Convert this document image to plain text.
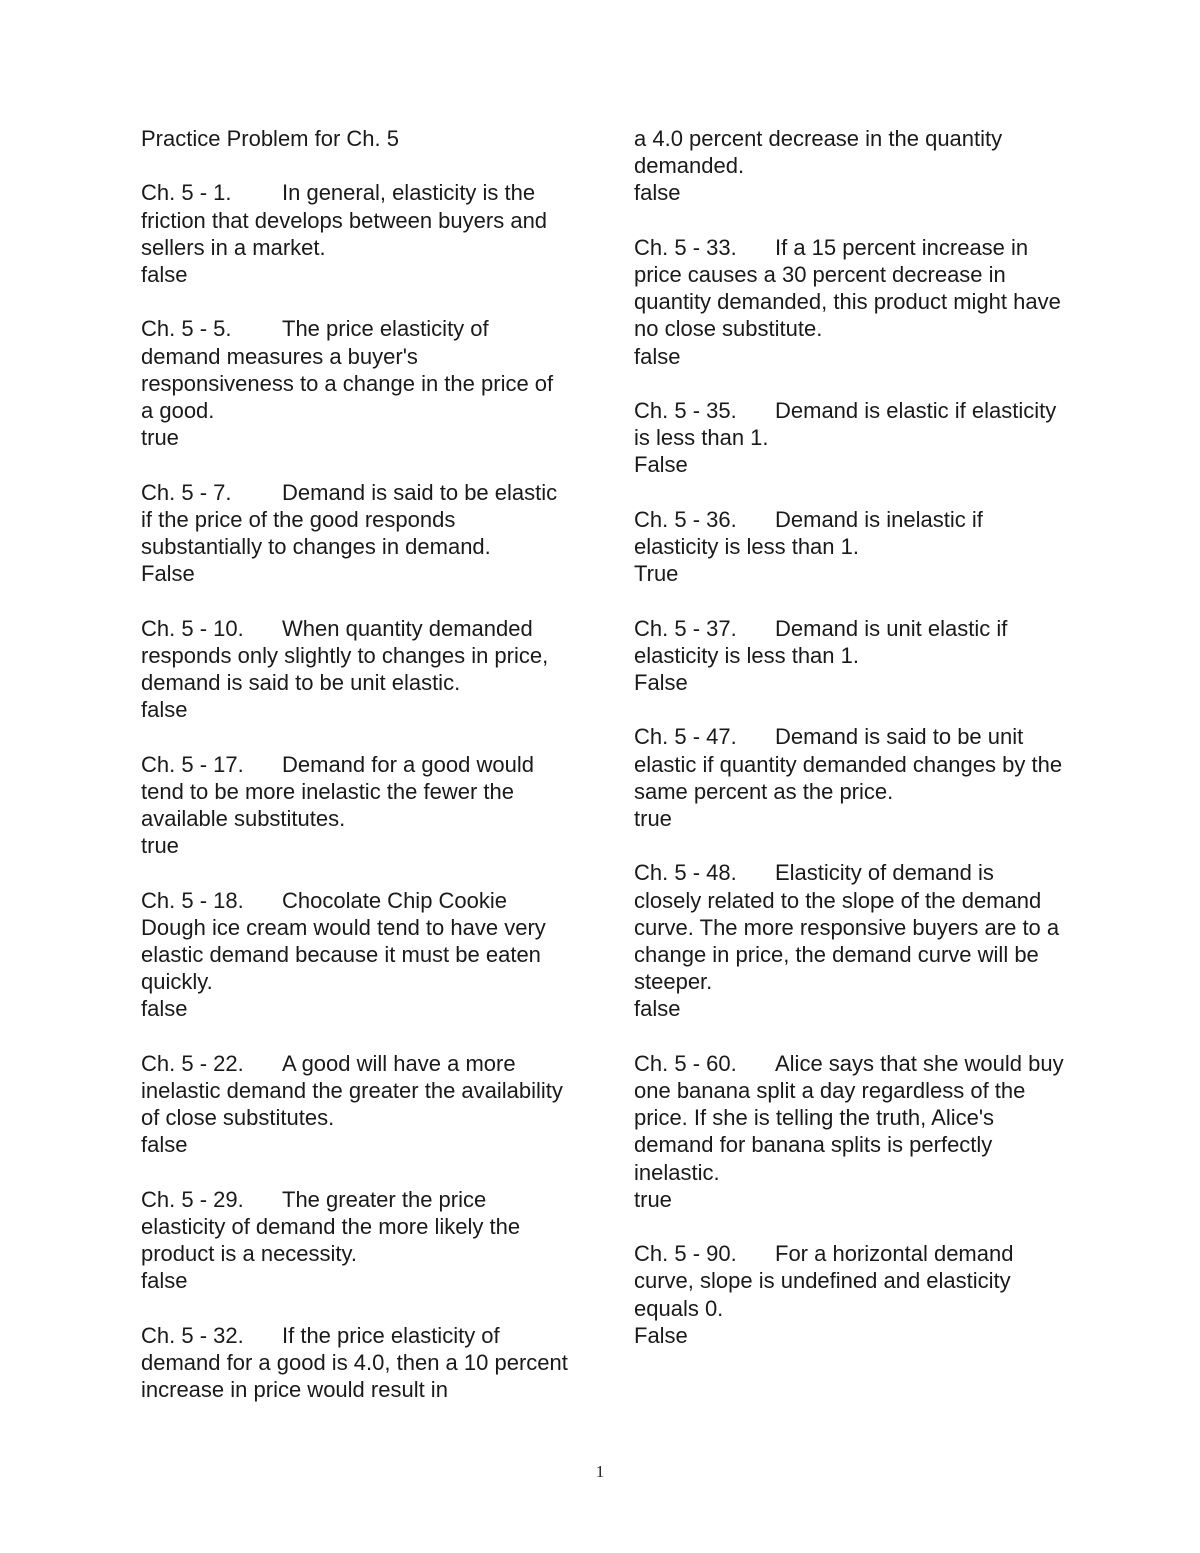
Practice Problem for Ch. 5
Ch. 5 - 1. In general, elasticity is the friction that develops between buyers and sellers in a market.
false
Ch. 5 - 5. The price elasticity of demand measures a buyer's responsiveness to a change in the price of a good.
true
Ch. 5 - 7. Demand is said to be elastic if the price of the good responds substantially to changes in demand.
False
Ch. 5 - 10. When quantity demanded responds only slightly to changes in price, demand is said to be unit elastic.
false
Ch. 5 - 17. Demand for a good would tend to be more inelastic the fewer the available substitutes.
true
Ch. 5 - 18. Chocolate Chip Cookie Dough ice cream would tend to have very elastic demand because it must be eaten quickly.
false
Ch. 5 - 22. A good will have a more inelastic demand the greater the availability of close substitutes.
false
Ch. 5 - 29. The greater the price elasticity of demand the more likely the product is a necessity.
false
Ch. 5 - 32. If the price elasticity of demand for a good is 4.0, then a 10 percent increase in price would result in
a 4.0 percent decrease in the quantity demanded.
false
Ch. 5 - 33. If a 15 percent increase in price causes a 30 percent decrease in quantity demanded, this product might have no close substitute.
false
Ch. 5 - 35. Demand is elastic if elasticity is less than 1.
False
Ch. 5 - 36. Demand is inelastic if elasticity is less than 1.
True
Ch. 5 - 37. Demand is unit elastic if elasticity is less than 1.
False
Ch. 5 - 47. Demand is said to be unit elastic if quantity demanded changes by the same percent as the price.
true
Ch. 5 - 48. Elasticity of demand is closely related to the slope of the demand curve. The more responsive buyers are to a change in price, the demand curve will be steeper.
false
Ch. 5 - 60. Alice says that she would buy one banana split a day regardless of the price. If she is telling the truth, Alice's demand for banana splits is perfectly inelastic.
true
Ch. 5 - 90. For a horizontal demand curve, slope is undefined and elasticity equals 0.
False
1
